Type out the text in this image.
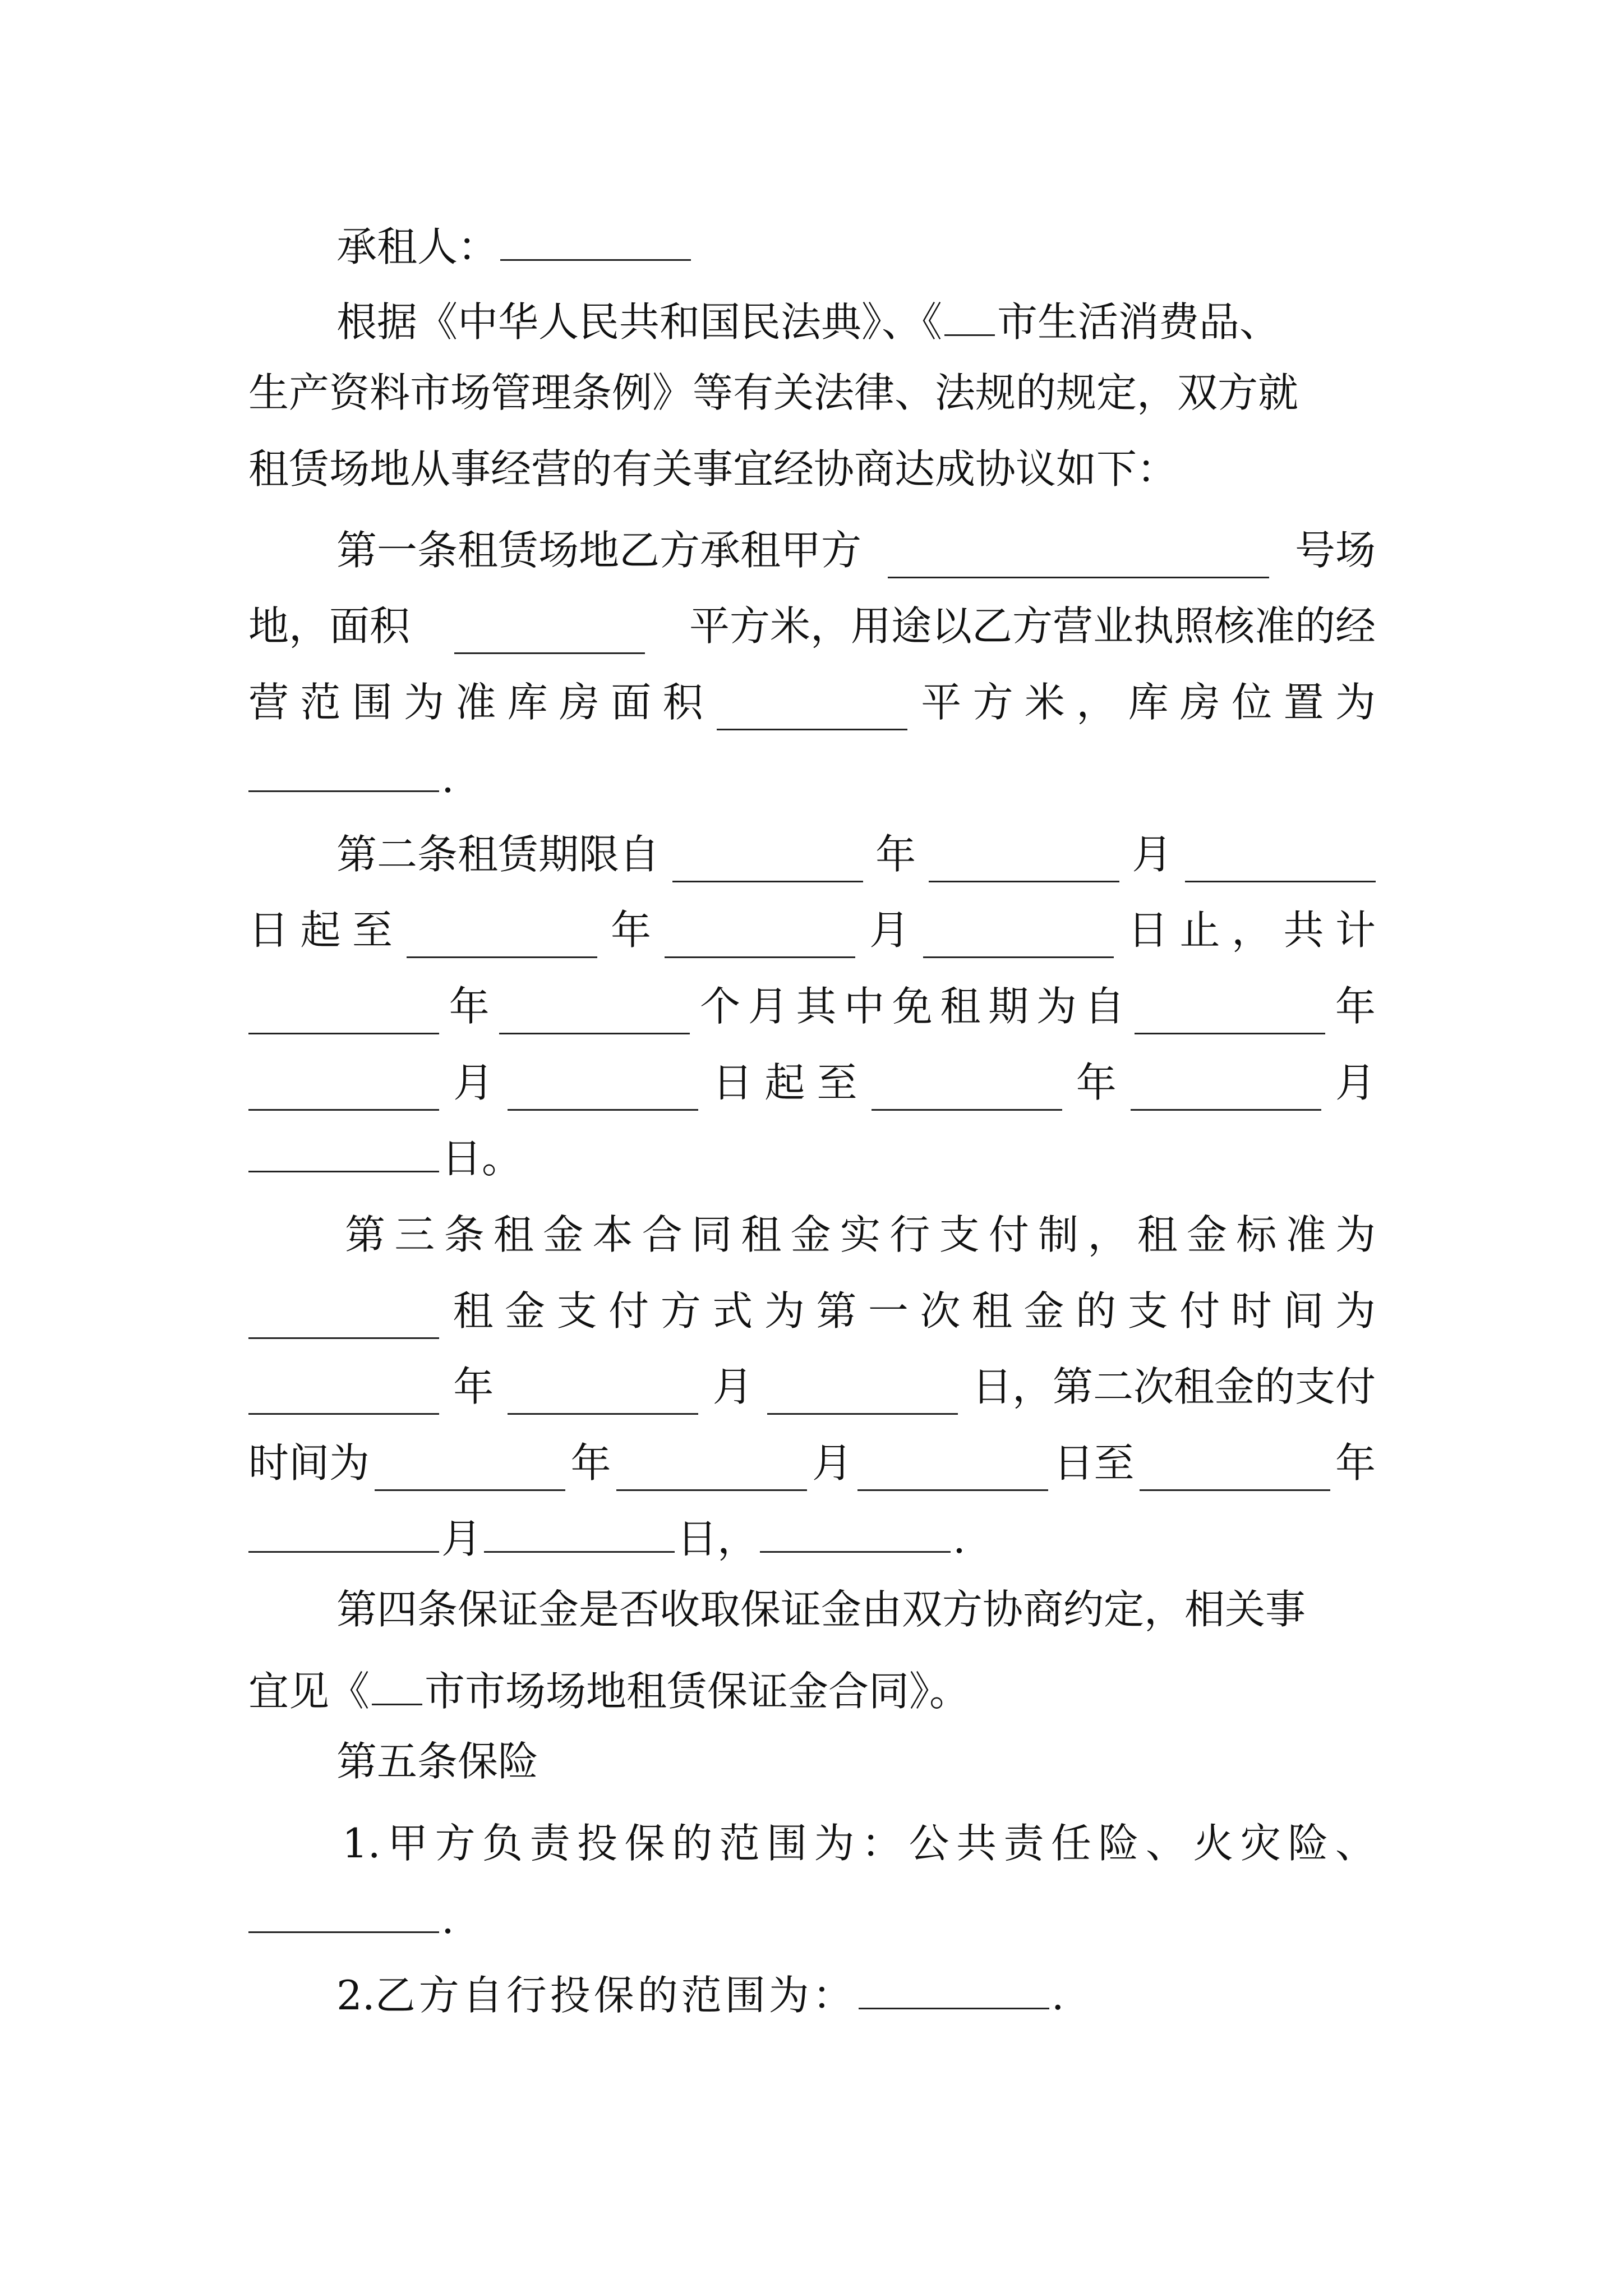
承租人：
根据《中华人民共和国民法典》、《 市生活消费品、
生产资料市场管理条例》等有关法律、法规的规定，双方就
租赁场地从事经营的有关事宜经协商达成协议如下：
第一条租赁场地乙方承租甲方	号场
地，面积	平方米，用途以乙方营业执照核准的经
营 范 围 为 准 库 房 面 积	平 方 米 ， 库 房 位 置 为
.
第二条租赁期限自	年	月
日 起 至	年	月	日 止 ， 共 计
年	个 月 其 中 免 租 期 为 自	年
月	日 起 至	年	月
日。
第 三 条 租 金 本 合 同 租 金 实 行 支 付 制 ， 租 金 标 准 为
租 金 支 付 方 式 为 第 一 次 租 金 的 支 付 时 间 为
年	月	日，第二次租金的支付
时间为	年	月	日至	年
月	日，	.
第四条保证金是否收取保证金由双方协商约定，相关事
宜见《 市市场场地租赁保证金合同》。
第五条保险
1. 甲 方 负 责 投 保 的 范 围 为 ： 公 共 责 任 险 、 火 灾 险 、
.
2.乙方自行投保的范围为：	.
